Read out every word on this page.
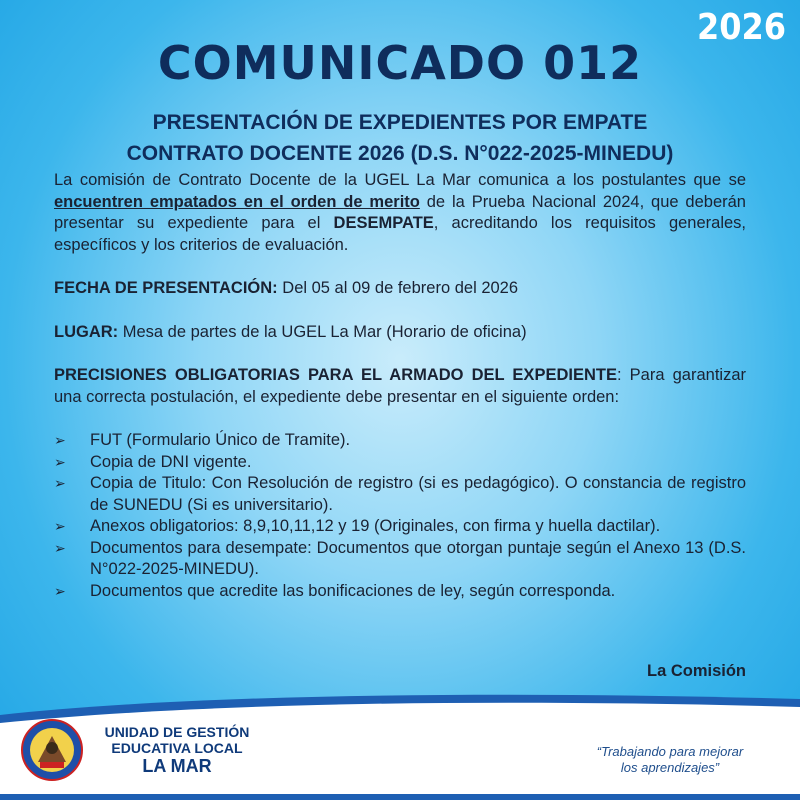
2026
COMUNICADO 012
PRESENTACIÓN DE EXPEDIENTES POR EMPATE
CONTRATO DOCENTE 2026 (D.S. N°022-2025-MINEDU)

La comisión de Contrato Docente de la UGEL La Mar comunica a los postulantes que se encuentren empatados en el orden de merito de la Prueba Nacional 2024, que deberán presentar su expediente para el DESEMPATE, acreditando los requisitos generales, específicos y los criterios de evaluación.

FECHA DE PRESENTACIÓN: Del 05 al 09 de febrero del 2026

LUGAR: Mesa de partes de la UGEL La Mar (Horario de oficina)

PRECISIONES OBLIGATORIAS PARA EL ARMADO DEL EXPEDIENTE: Para garantizar una correcta postulación, el expediente debe presentar en el siguiente orden:

➢ FUT (Formulario Único de Tramite).
➢ Copia de DNI vigente.
➢ Copia de Titulo: Con Resolución de registro (si es pedagógico). O constancia de registro de SUNEDU (Si es universitario).
➢ Anexos obligatorios: 8,9,10,11,12 y 19 (Originales, con firma y huella dactilar).
➢ Documentos para desempate: Documentos que otorgan puntaje según el Anexo 13 (D.S. N°022-2025-MINEDU).
➢ Documentos que acredite las bonificaciones de ley, según corresponda.
La Comisión
UNIDAD DE GESTIÓN
EDUCATIVA LOCAL
LA MAR
“Trabajando para mejorar
los aprendizajes”
